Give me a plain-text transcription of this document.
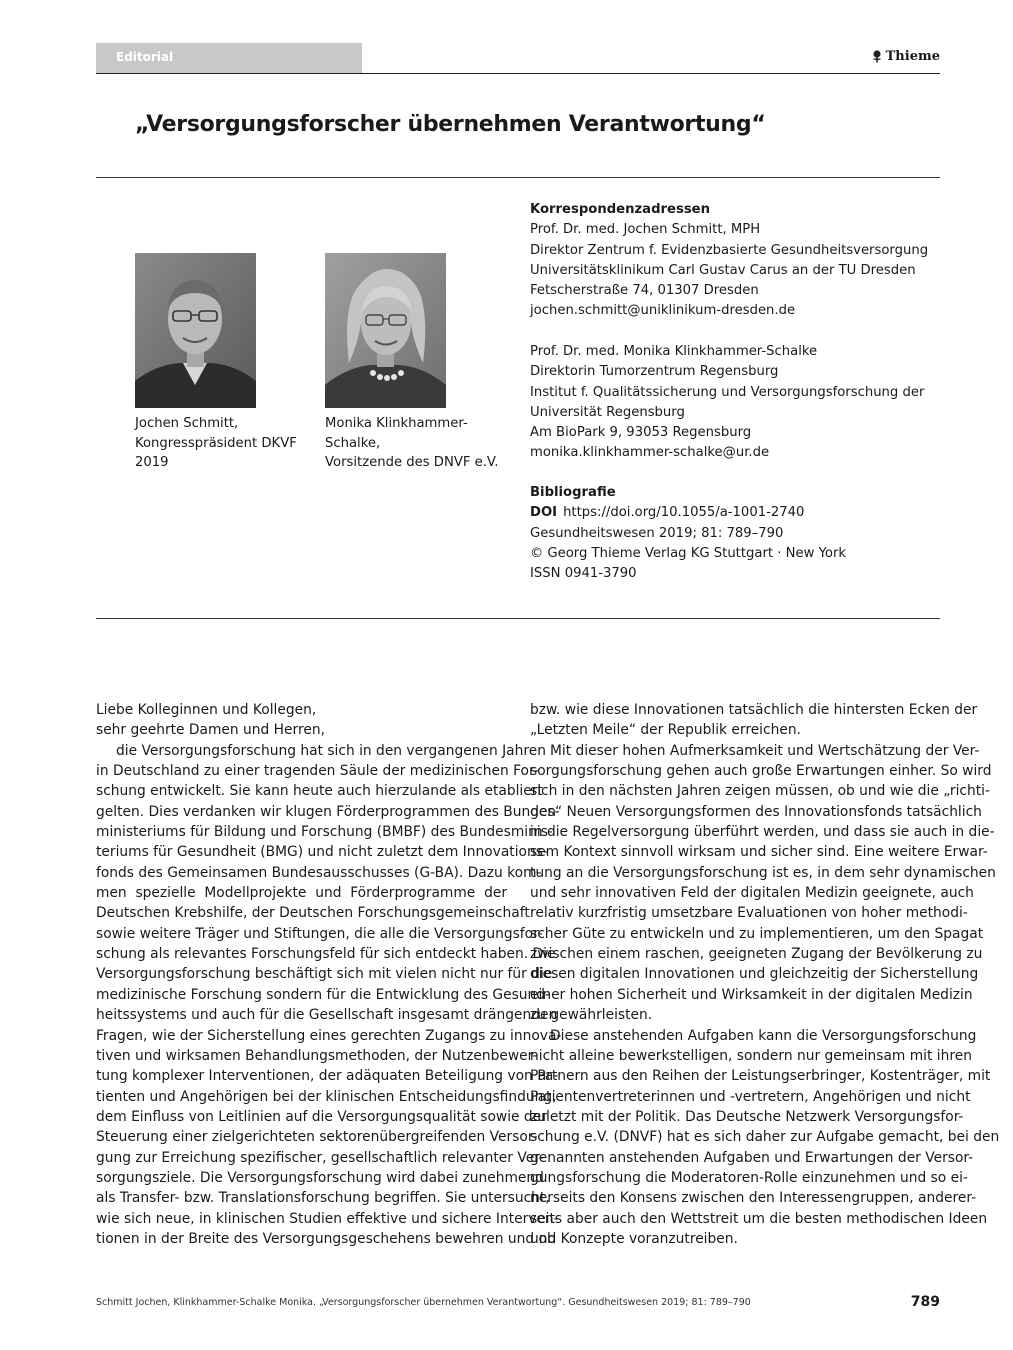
Editorial	Thieme
„Versorgungsforscher übernehmen Verantwortung“
Jochen Schmitt,
Kongresspräsident DKVF
2019
Monika Klinkhammer-Schalke,
Vorsitzende des DNVF e.V.
Korrespondenzadressen
Prof. Dr. med. Jochen Schmitt, MPH
Direktor Zentrum f. Evidenzbasierte Gesundheitsversorgung
Universitätsklinikum Carl Gustav Carus an der TU Dresden
Fetscherstraße 74, 01307 Dresden
jochen.schmitt@uniklinikum-dresden.de
Prof. Dr. med. Monika Klinkhammer-Schalke
Direktorin Tumorzentrum Regensburg
Institut f. Qualitätssicherung und Versorgungsforschung der
Universität Regensburg
Am BioPark 9, 93053 Regensburg
monika.klinkhammer-schalke@ur.de
Bibliografie
DOI https://doi.org/10.1055/a-1001-2740
Gesundheitswesen 2019; 81: 789–790
© Georg Thieme Verlag KG Stuttgart · New York
ISSN 0941-3790
Liebe Kolleginnen und Kollegen,
sehr geehrte Damen und Herren,
die Versorgungsforschung hat sich in den vergangenen Jahren
in Deutschland zu einer tragenden Säule der medizinischen For-
schung entwickelt. Sie kann heute auch hierzulande als etabliert
gelten. Dies verdanken wir klugen Förderprogrammen des Bundes-
ministeriums für Bildung und Forschung (BMBF) des Bundesminis-
teriums für Gesundheit (BMG) und nicht zuletzt dem Innovations-
fonds des Gemeinsamen Bundesausschusses (G-BA). Dazu kom-
men spezielle Modellprojekte und Förderprogramme der
Deutschen Krebshilfe, der Deutschen Forschungsgemeinschaft
sowie weitere Träger und Stiftungen, die alle die Versorgungsfor-
schung als relevantes Forschungsfeld für sich entdeckt haben. Die
Versorgungsforschung beschäftigt sich mit vielen nicht nur für die
medizinische Forschung sondern für die Entwicklung des Gesund-
heitssystems und auch für die Gesellschaft insgesamt drängenden
Fragen, wie der Sicherstellung eines gerechten Zugangs zu innova-
tiven und wirksamen Behandlungsmethoden, der Nutzenbewer-
tung komplexer Interventionen, der adäquaten Beteiligung von Pa-
tienten und Angehörigen bei der klinischen Entscheidungsfindung,
dem Einfluss von Leitlinien auf die Versorgungsqualität sowie der
Steuerung einer zielgerichteten sektorenübergreifenden Versor-
gung zur Erreichung spezifischer, gesellschaftlich relevanter Ver-
sorgungsziele. Die Versorgungsforschung wird dabei zunehmend
als Transfer- bzw. Translationsforschung begriffen. Sie untersucht,
wie sich neue, in klinischen Studien effektive und sichere Interven-
tionen in der Breite des Versorgungsgeschehens bewehren und ob
bzw. wie diese Innovationen tatsächlich die hintersten Ecken der
„Letzten Meile“ der Republik erreichen.
Mit dieser hohen Aufmerksamkeit und Wertschätzung der Ver-
sorgungsforschung gehen auch große Erwartungen einher. So wird
sich in den nächsten Jahren zeigen müssen, ob und wie die „richti-
gen“ Neuen Versorgungsformen des Innovationsfonds tatsächlich
in die Regelversorgung überführt werden, und dass sie auch in die-
sem Kontext sinnvoll wirksam und sicher sind. Eine weitere Erwar-
tung an die Versorgungsforschung ist es, in dem sehr dynamischen
und sehr innovativen Feld der digitalen Medizin geeignete, auch
relativ kurzfristig umsetzbare Evaluationen von hoher methodi-
scher Güte zu entwickeln und zu implementieren, um den Spagat
zwischen einem raschen, geeigneten Zugang der Bevölkerung zu
diesen digitalen Innovationen und gleichzeitig der Sicherstellung
einer hohen Sicherheit und Wirksamkeit in der digitalen Medizin
zu gewährleisten.
Diese anstehenden Aufgaben kann die Versorgungsforschung
nicht alleine bewerkstelligen, sondern nur gemeinsam mit ihren
Partnern aus den Reihen der Leistungserbringer, Kostenträger, mit
Patientenvertreterinnen und -vertretern, Angehörigen und nicht
zuletzt mit der Politik. Das Deutsche Netzwerk Versorgungsfor-
schung e.V. (DNVF) hat es sich daher zur Aufgabe gemacht, bei den
genannten anstehenden Aufgaben und Erwartungen der Versor-
gungsforschung die Moderatoren-Rolle einzunehmen und so ei-
nerseits den Konsens zwischen den Interessengruppen, anderer-
seits aber auch den Wettstreit um die besten methodischen Ideen
und Konzepte voranzutreiben.
Schmitt Jochen, Klinkhammer-Schalke Monika. „Versorgungsforscher übernehmen Verantwortung“. Gesundheitswesen 2019; 81: 789–790	789
